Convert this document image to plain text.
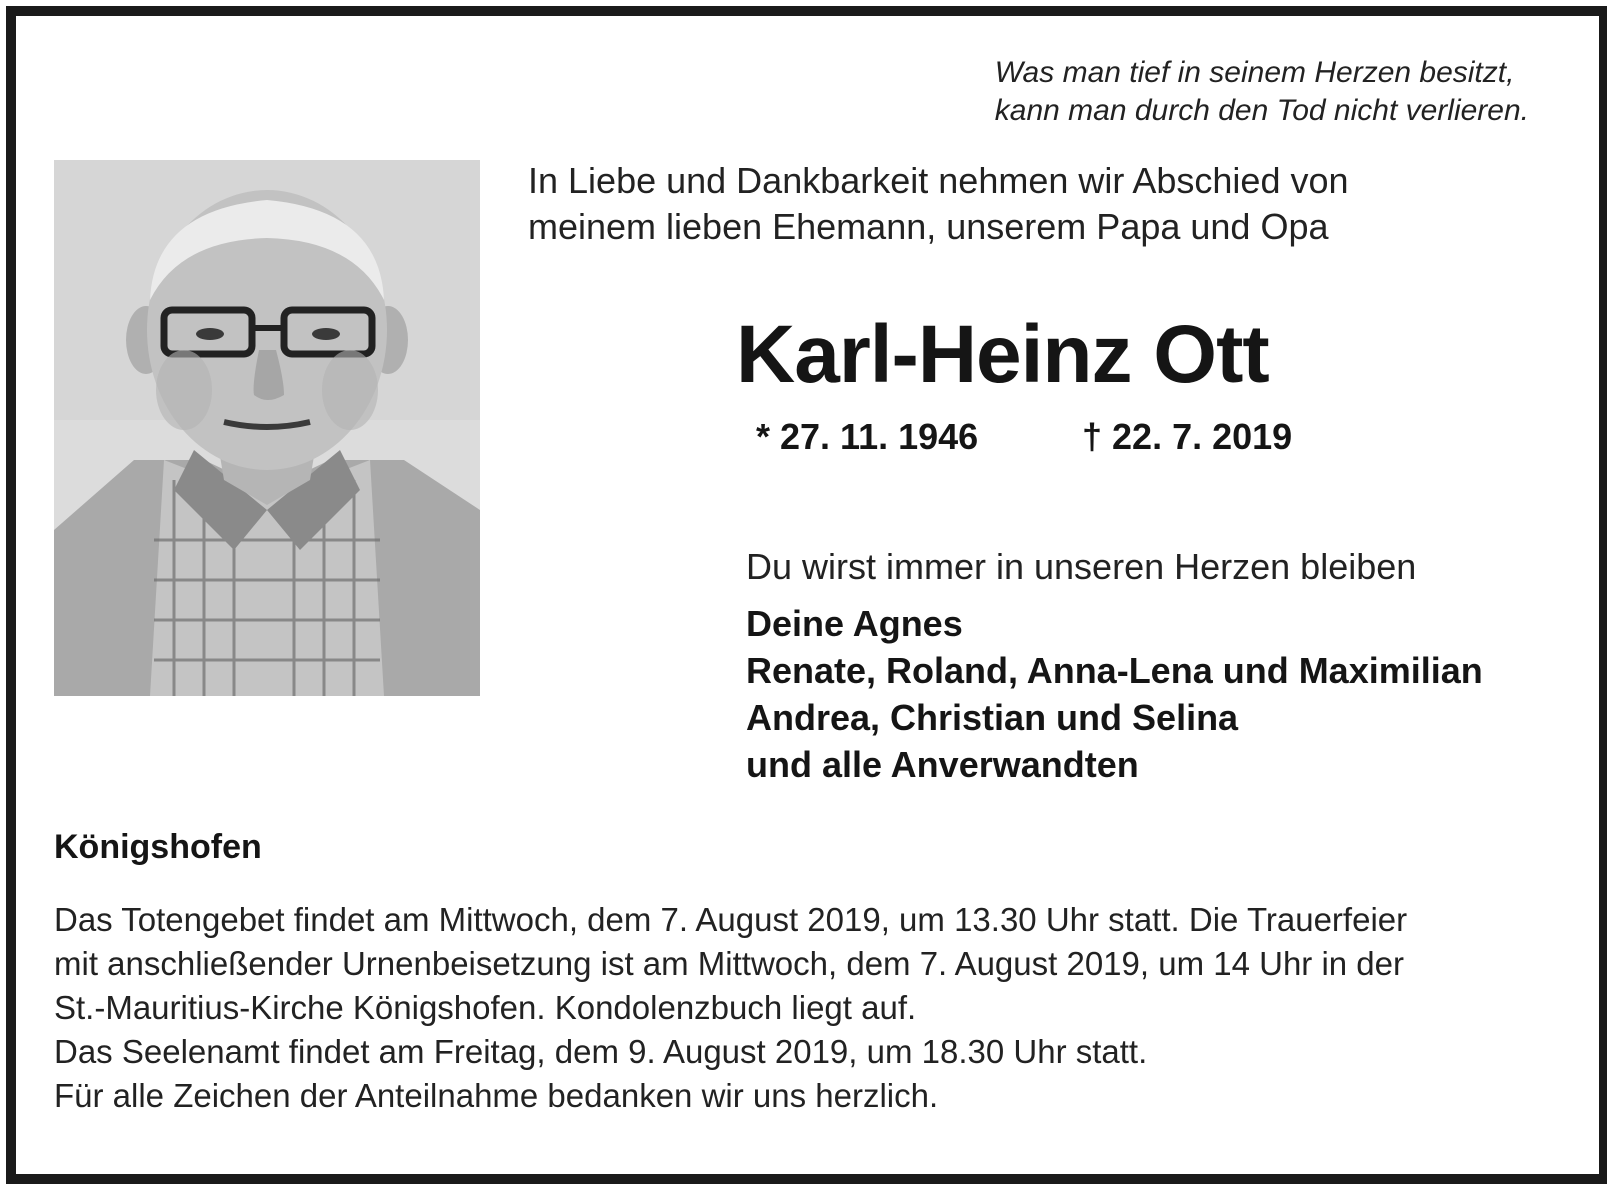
Was man tief in seinem Herzen besitzt,
kann man durch den Tod nicht verlieren.
In Liebe und Dankbarkeit nehmen wir Abschied von
meinem lieben Ehemann, unserem Papa und Opa
Karl-Heinz Ott
* 27. 11. 1946	† 22. 7. 2019
Du wirst immer in unseren Herzen bleiben
Deine Agnes
Renate, Roland, Anna-Lena und Maximilian
Andrea, Christian und Selina
und alle Anverwandten
Königshofen
Das Totengebet findet am Mittwoch, dem 7. August 2019, um 13.30 Uhr statt. Die Trauerfeier
mit anschließender Urnenbeisetzung ist am Mittwoch, dem 7. August 2019, um 14 Uhr in der
St.-Mauritius-Kirche Königshofen. Kondolenzbuch liegt auf.
Das Seelenamt findet am Freitag, dem 9. August 2019, um 18.30 Uhr statt.
Für alle Zeichen der Anteilnahme bedanken wir uns herzlich.
